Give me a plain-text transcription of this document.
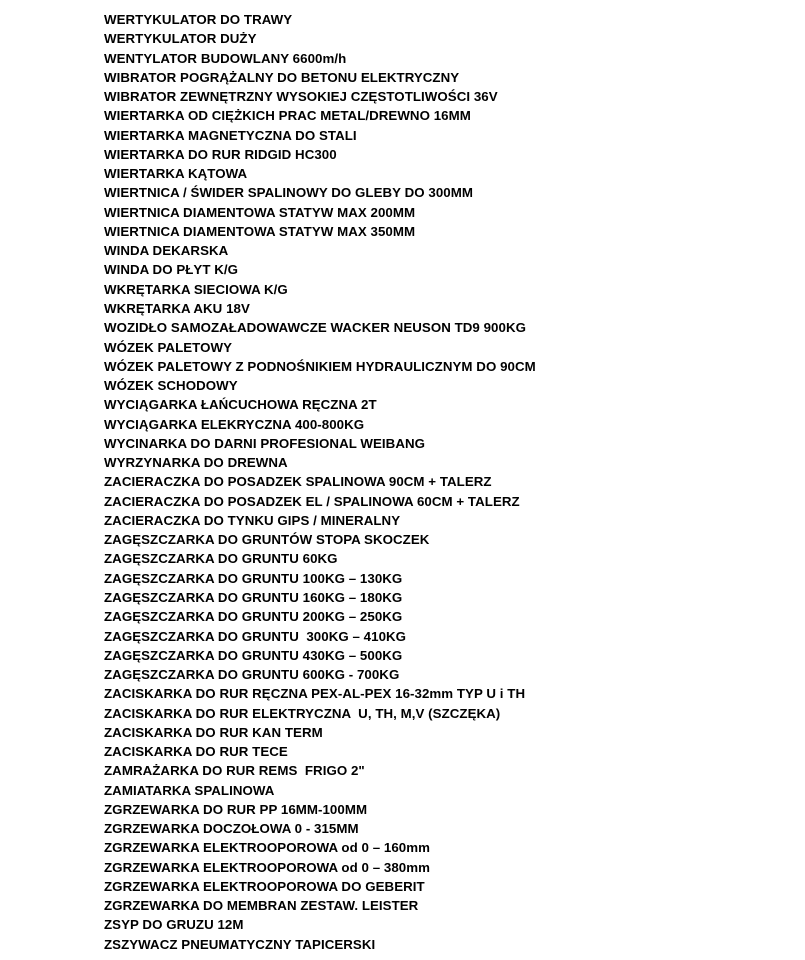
WERTYKULATOR DO TRAWY
WERTYKULATOR DUŻY
WENTYLATOR BUDOWLANY 6600m/h
WIBRATOR POGRĄŻALNY DO BETONU ELEKTRYCZNY
WIBRATOR ZEWNĘTRZNY WYSOKIEJ CZĘSTOTLIWOŚCI 36V
WIERTARKA OD CIĘŻKICH PRAC METAL/DREWNO 16MM
WIERTARKA MAGNETYCZNA DO STALI
WIERTARKA DO RUR RIDGID HC300
WIERTARKA KĄTOWA
WIERTNICA / ŚWIDER SPALINOWY DO GLEBY DO 300MM
WIERTNICA DIAMENTOWA STATYW MAX 200MM
WIERTNICA DIAMENTOWA STATYW MAX 350MM
WINDA DEKARSKA
WINDA DO PŁYT K/G
WKRĘTARKA SIECIOWA K/G
WKRĘTARKA AKU 18V
WOZIDŁO SAMOZAŁADOWAWCZE WACKER NEUSON TD9 900KG
WÓZEK PALETOWY
WÓZEK PALETOWY Z PODNOŚNIKIEM HYDRAULICZNYM DO 90CM
WÓZEK SCHODOWY
WYCIĄGARKA ŁAŃCUCHOWA RĘCZNA 2T
WYCIĄGARKA ELEKRYCZNA 400-800KG
WYCINARKA DO DARNI PROFESIONAL WEIBANG
WYRZYNARKA DO DREWNA
ZACIERACZKA DO POSADZEK SPALINOWA 90CM + TALERZ
ZACIERACZKA DO POSADZEK EL / SPALINOWA 60CM + TALERZ
ZACIERACZKA DO TYNKU GIPS / MINERALNY
ZAGĘSZCZARKA DO GRUNTÓW STOPA SKOCZEK
ZAGĘSZCZARKA DO GRUNTU 60KG
ZAGĘSZCZARKA DO GRUNTU 100KG – 130KG
ZAGĘSZCZARKA DO GRUNTU 160KG – 180KG
ZAGĘSZCZARKA DO GRUNTU 200KG – 250KG
ZAGĘSZCZARKA DO GRUNTU  300KG – 410KG
ZAGĘSZCZARKA DO GRUNTU 430KG – 500KG
ZAGĘSZCZARKA DO GRUNTU 600KG - 700KG
ZACISKARKA DO RUR RĘCZNA PEX-AL-PEX 16-32mm TYP U i TH
ZACISKARKA DO RUR ELEKTRYCZNA  U, TH, M,V (SZCZĘKA)
ZACISKARKA DO RUR KAN TERM
ZACISKARKA DO RUR TECE
ZAMRAŻARKA DO RUR REMS  FRIGO 2"
ZAMIATARKA SPALINOWA
ZGRZEWARKA DO RUR PP 16MM-100MM
ZGRZEWARKA DOCZOŁOWA 0 - 315MM
ZGRZEWARKA ELEKTROOPOROWA od 0 – 160mm
ZGRZEWARKA ELEKTROOPOROWA od 0 – 380mm
ZGRZEWARKA ELEKTROOPOROWA DO GEBERIT
ZGRZEWARKA DO MEMBRAN ZESTAW. LEISTER
ZSYP DO GRUZU 12M
ZSZYWACZ PNEUMATYCZNY TAPICERSKI
